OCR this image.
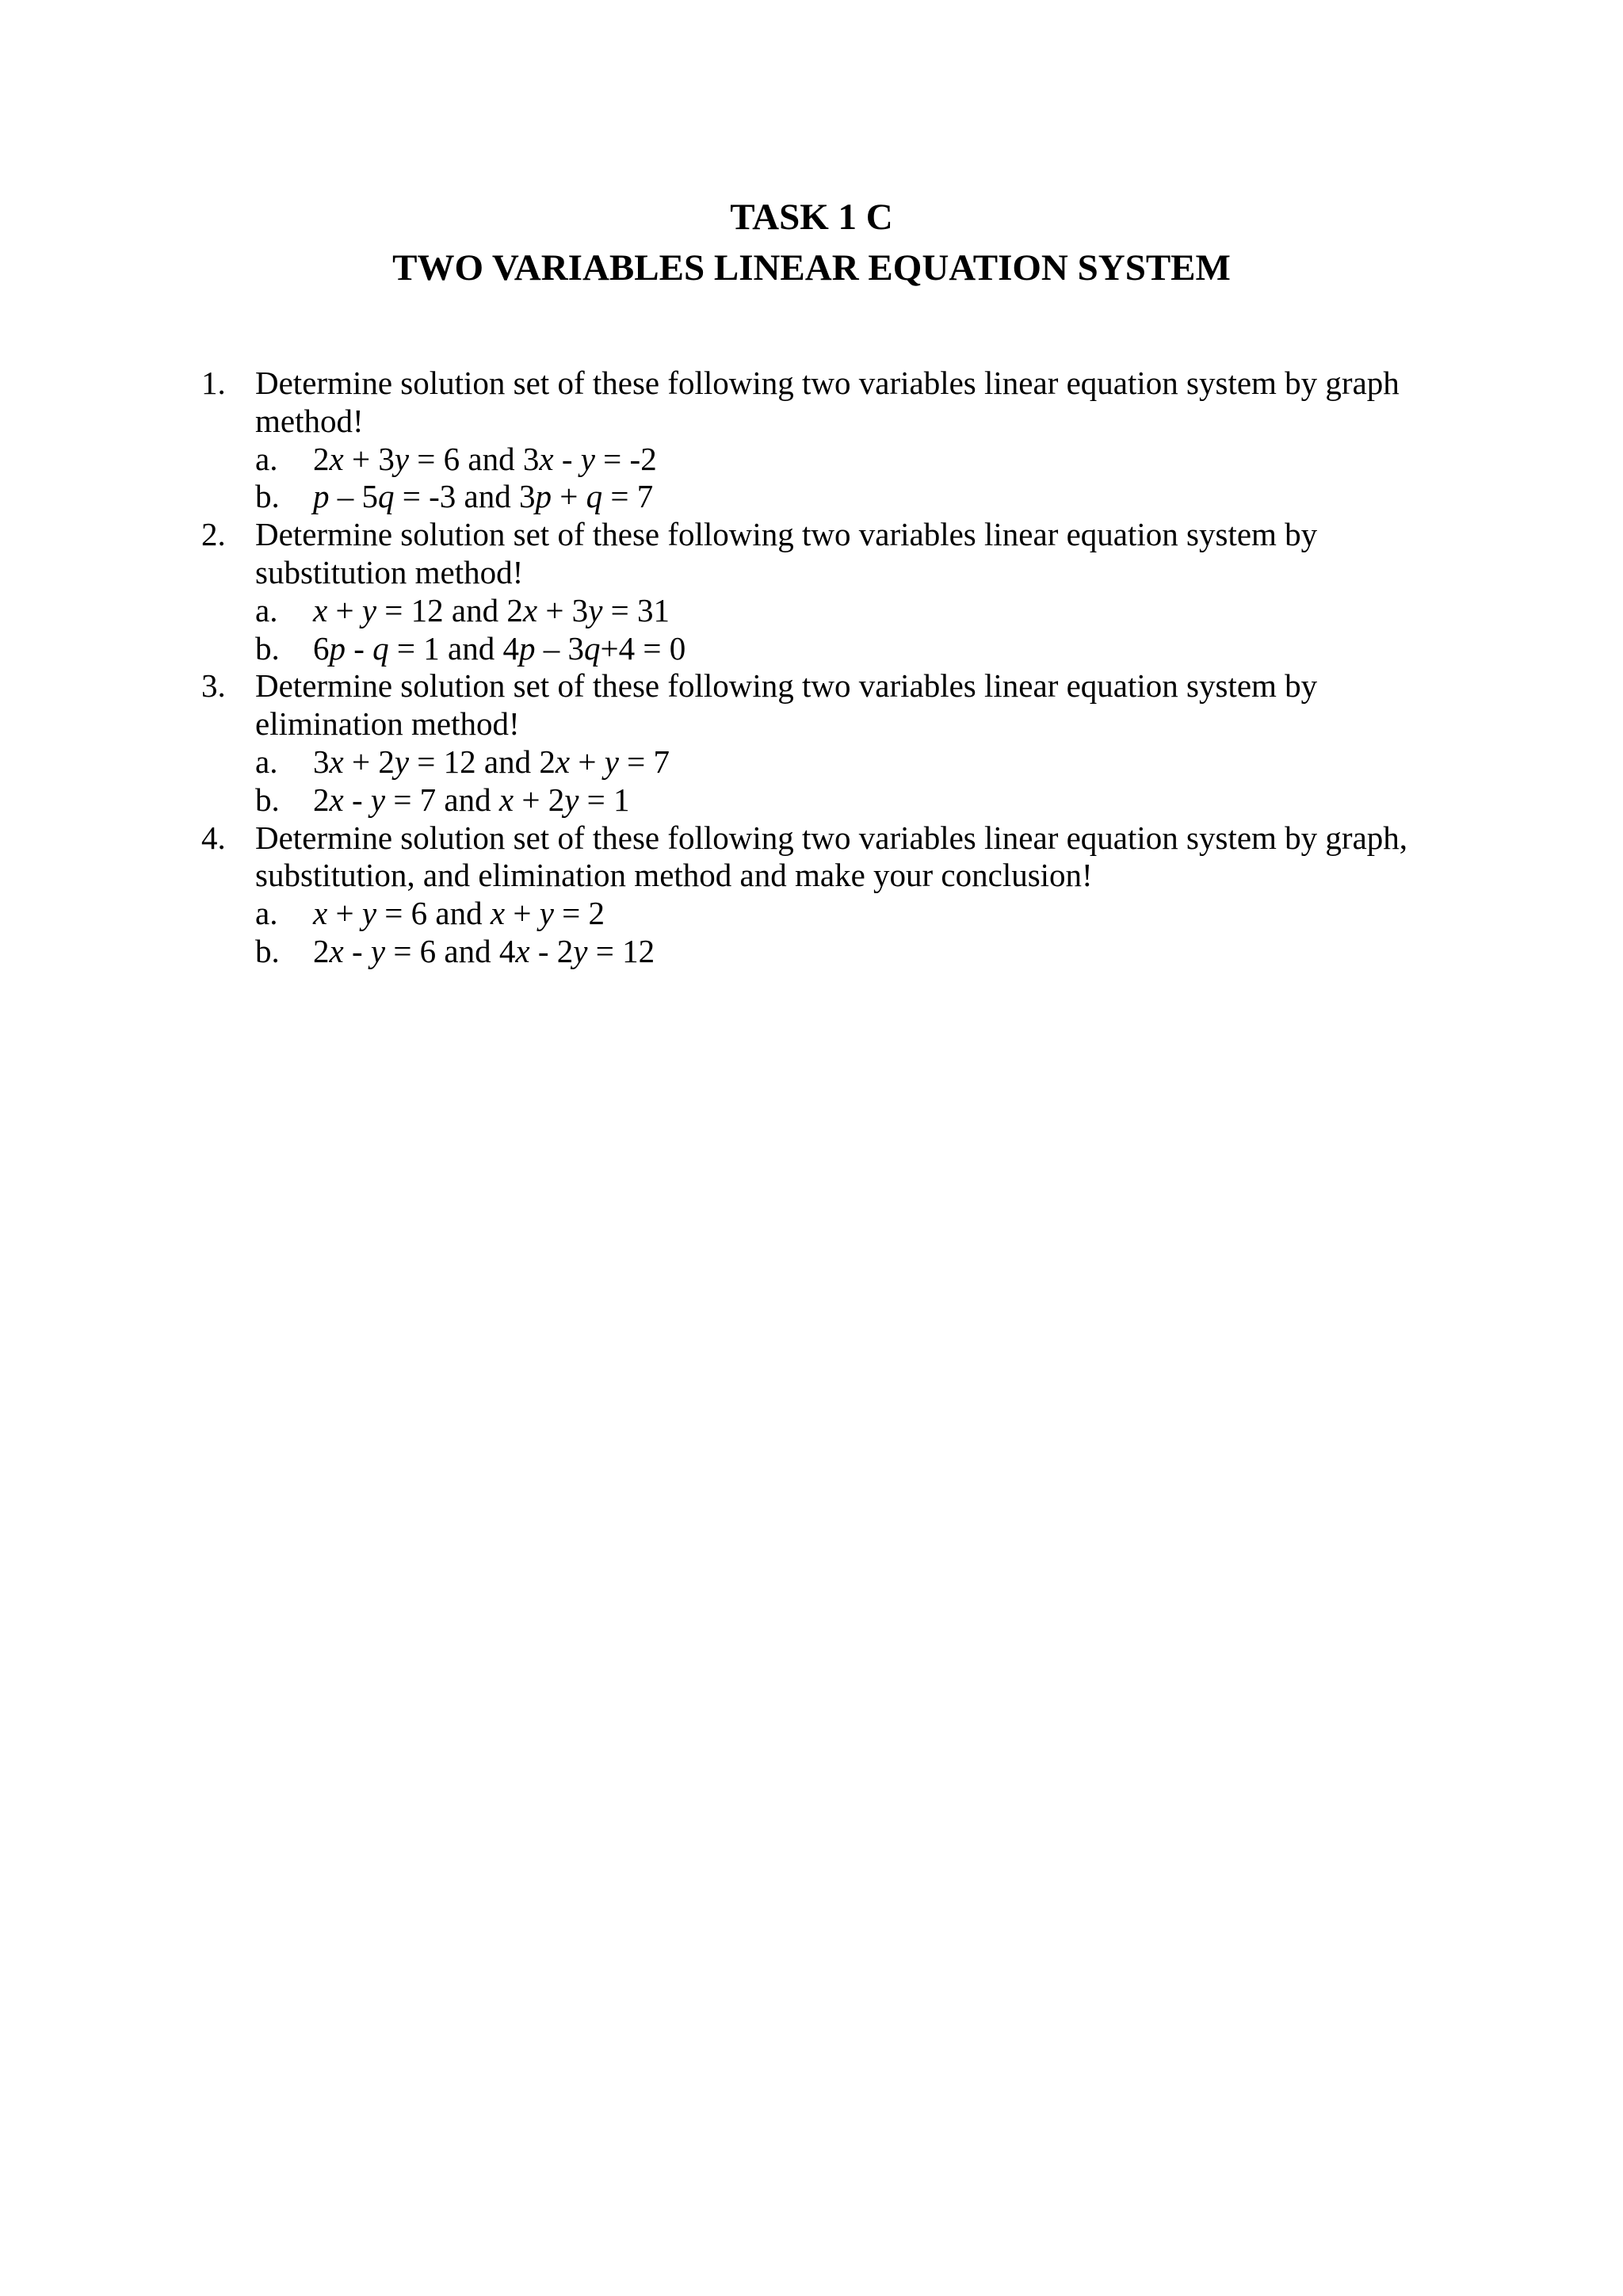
TASK 1 C
TWO VARIABLES LINEAR EQUATION SYSTEM
1. Determine solution set of these following two variables linear equation system by graph method!
a. 2x + 3y = 6 and 3x - y = -2
b. p – 5q = -3 and 3p + q = 7
2. Determine solution set of these following two variables linear equation system by substitution method!
a. x + y = 12 and 2x + 3y = 31
b. 6p - q = 1 and 4p – 3q+4 = 0
3. Determine solution set of these following two variables linear equation system by elimination method!
a. 3x + 2y = 12 and 2x + y = 7
b. 2x - y = 7 and x + 2y = 1
4. Determine solution set of these following two variables linear equation system by graph, substitution, and elimination method and make your conclusion!
a. x + y = 6 and x + y = 2
b. 2x - y = 6 and 4x - 2y = 12
